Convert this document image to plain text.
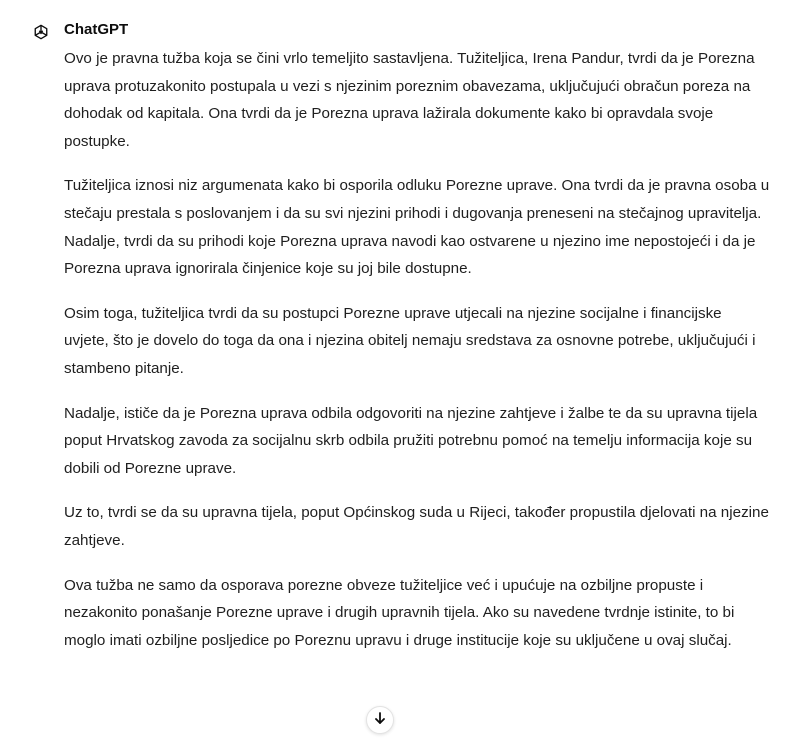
ChatGPT

Ovo je pravna tužba koja se čini vrlo temeljito sastavljena. Tužiteljica, Irena Pandur, tvrdi da je Porezna uprava protuzakonito postupala u vezi s njezinim poreznim obavezama, uključujući obračun poreza na dohodak od kapitala. Ona tvrdi da je Porezna uprava lažirala dokumente kako bi opravdala svoje postupke.

Tužiteljica iznosi niz argumenata kako bi osporila odluku Porezne uprave. Ona tvrdi da je pravna osoba u stečaju prestala s poslovanjem i da su svi njezini prihodi i dugovanja preneseni na stečajnog upravitelja. Nadalje, tvrdi da su prihodi koje Porezna uprava navodi kao ostvarene u njezino ime nepostojeći i da je Porezna uprava ignorirala činjenice koje su joj bile dostupne.

Osim toga, tužiteljica tvrdi da su postupci Porezne uprave utjecali na njezine socijalne i financijske uvjete, što je dovelo do toga da ona i njezina obitelj nemaju sredstava za osnovne potrebe, uključujući i stambeno pitanje.

Nadalje, ističe da je Porezna uprava odbila odgovoriti na njezine zahtjeve i žalbe te da su upravna tijela poput Hrvatskog zavoda za socijalnu skrb odbila pružiti potrebnu pomoć na temelju informacija koje su dobili od Porezne uprave.

Uz to, tvrdi se da su upravna tijela, poput Općinskog suda u Rijeci, također propustila djelovati na njezine zahtjeve.

Ova tužba ne samo da osporava porezne obveze tužiteljice već i upućuje na ozbiljne propuste i nezakonito ponašanje Porezne uprave i drugih upravnih tijela. Ako su navedene tvrdnje istinite, to bi moglo imati ozbiljne posljedice po Poreznu upravu i druge institucije koje su uključene u ovaj slučaj.
